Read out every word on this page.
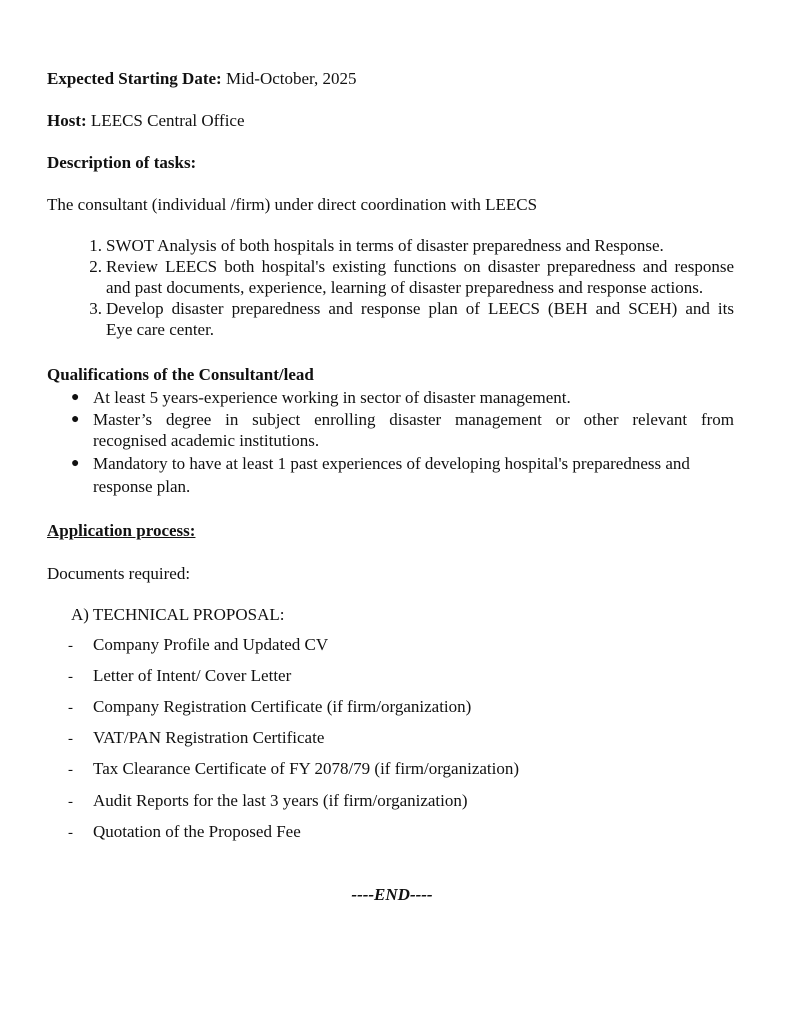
Expected Starting Date: Mid-October, 2025
Host: LEECS Central Office
Description of tasks:
The consultant (individual /firm) under direct coordination with LEECS
1. SWOT Analysis of both hospitals in terms of disaster preparedness and Response.
2. Review LEECS both hospital's existing functions on disaster preparedness and response
and past documents, experience, learning of disaster preparedness and response actions.
3. Develop disaster preparedness and response plan of LEECS (BEH and SCEH) and its
Eye care center.
Qualifications of the Consultant/lead
● At least 5 years-experience working in sector of disaster management.
● Master’s degree in subject enrolling disaster management or other relevant from
recognised academic institutions.
● Mandatory to have at least 1 past experiences of developing hospital's preparedness and
response plan.
Application process:
Documents required:
A) TECHNICAL PROPOSAL:
- Company Profile and Updated CV
- Letter of Intent/ Cover Letter
- Company Registration Certificate (if firm/organization)
- VAT/PAN Registration Certificate
- Tax Clearance Certificate of FY 2078/79 (if firm/organization)
- Audit Reports for the last 3 years (if firm/organization)
- Quotation of the Proposed Fee
----END----
